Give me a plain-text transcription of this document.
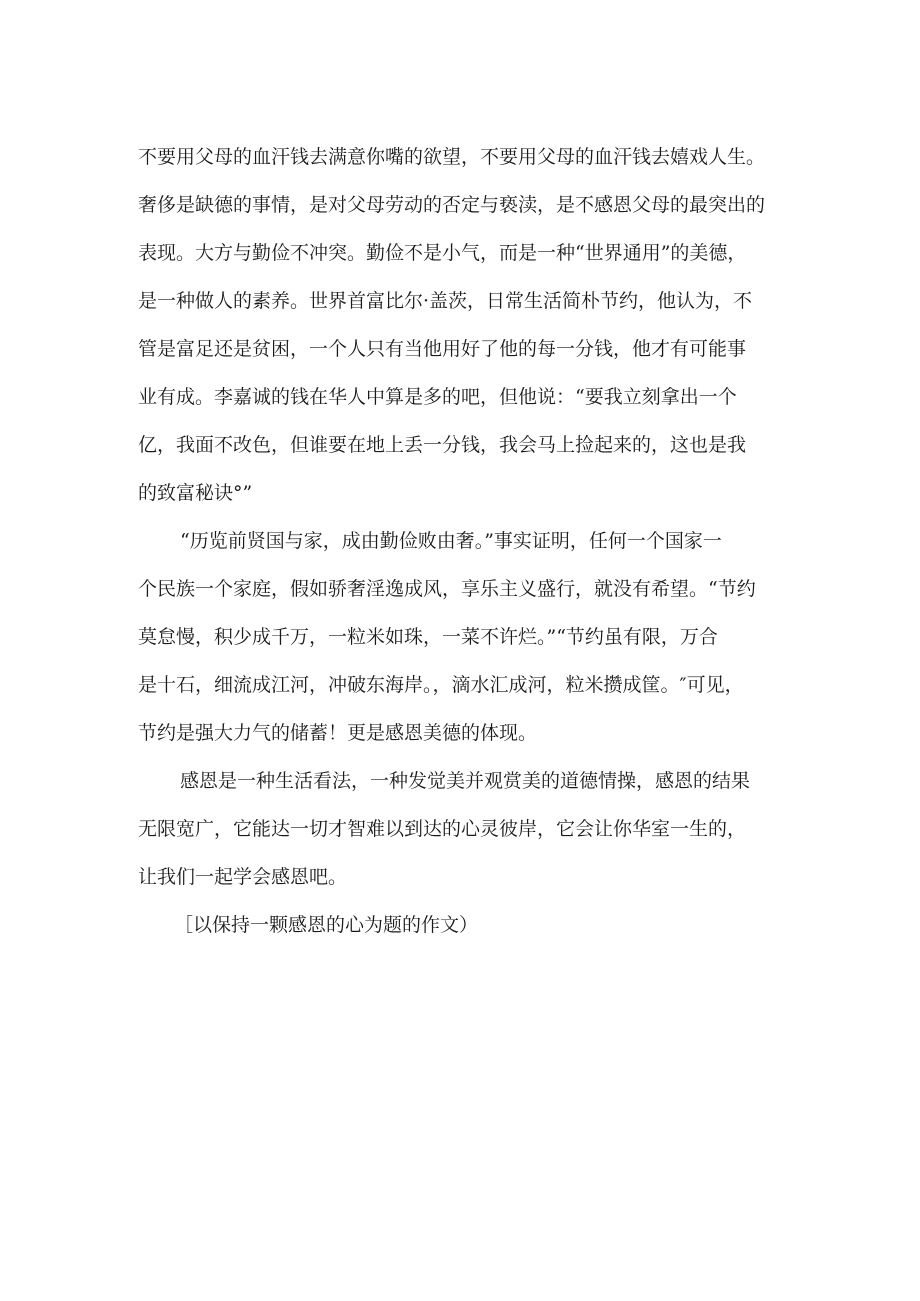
不要用父母的血汗钱去满意你嘴的欲望，不要用父母的血汗钱去嬉戏人生。
奢侈是缺德的事情，是对父母劳动的否定与亵渎，是不感恩父母的最突出的
表现。大方与勤俭不冲突。勤俭不是小气，而是一种“世界通用”的美德，
是一种做人的素养。世界首富比尔·盖茨，日常生活简朴节约，他认为，不
管是富足还是贫困，一个人只有当他用好了他的每一分钱，他才有可能事
业有成。李嘉诚的钱在华人中算是多的吧，但他说：“要我立刻拿出一个
亿，我面不改色，但谁要在地上丢一分钱，我会马上捡起来的，这也是我
的致富秘诀°”

“历览前贤国与家，成由勤俭败由奢。”事实证明，任何一个国家一
个民族一个家庭，假如骄奢淫逸成风，享乐主义盛行，就没有希望。“节约
莫怠慢，积少成千万，一粒米如珠，一菜不许烂。”“节约虽有限，万合
是十石，细流成江河，冲破东海岸。，滴水汇成河，粒米攒成筐。″可见，
节约是强大力气的储蓄！更是感恩美德的体现。

感恩是一种生活看法，一种发觉美并观赏美的道德情操，感恩的结果
无限宽广，它能达一切才智难以到达的心灵彼岸，它会让你华室一生的，
让我们一起学会感恩吧。

［以保持一颗感恩的心为题的作文）
